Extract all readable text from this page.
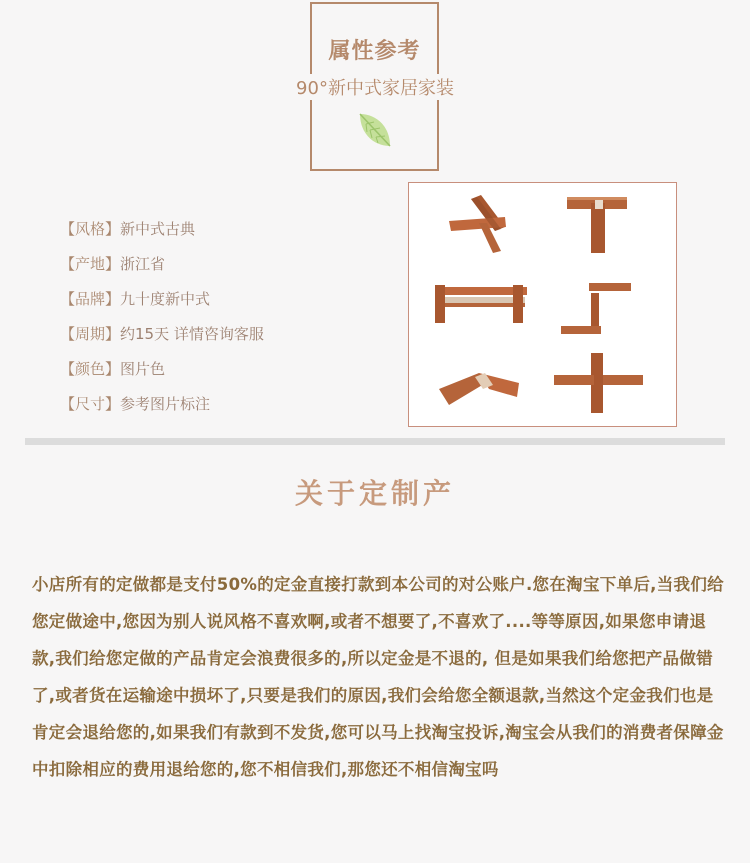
属性参考
90°新中式家居家装
【风格】新中式古典
【产地】浙江省
【品牌】九十度新中式
【周期】约15天 详情咨询客服
【颜色】图片色
【尺寸】参考图片标注
关于定制产

小店所有的定做都是支付50%的定金直接打款到本公司的对公账户.您在淘宝下单后,当我们给您定做途中,您因为别人说风格不喜欢啊,或者不想要了,不喜欢了....等等原因,如果您申请退款,我们给您定做的产品肯定会浪费很多的,所以定金是不退的, 但是如果我们给您把产品做错了,或者货在运输途中损坏了,只要是我们的原因,我们会给您全额退款,当然这个定金我们也是肯定会退给您的,如果我们有款到不发货,您可以马上找淘宝投诉,淘宝会从我们的消费者保障金中扣除相应的费用退给您的,您不相信我们,那您还不相信淘宝吗
